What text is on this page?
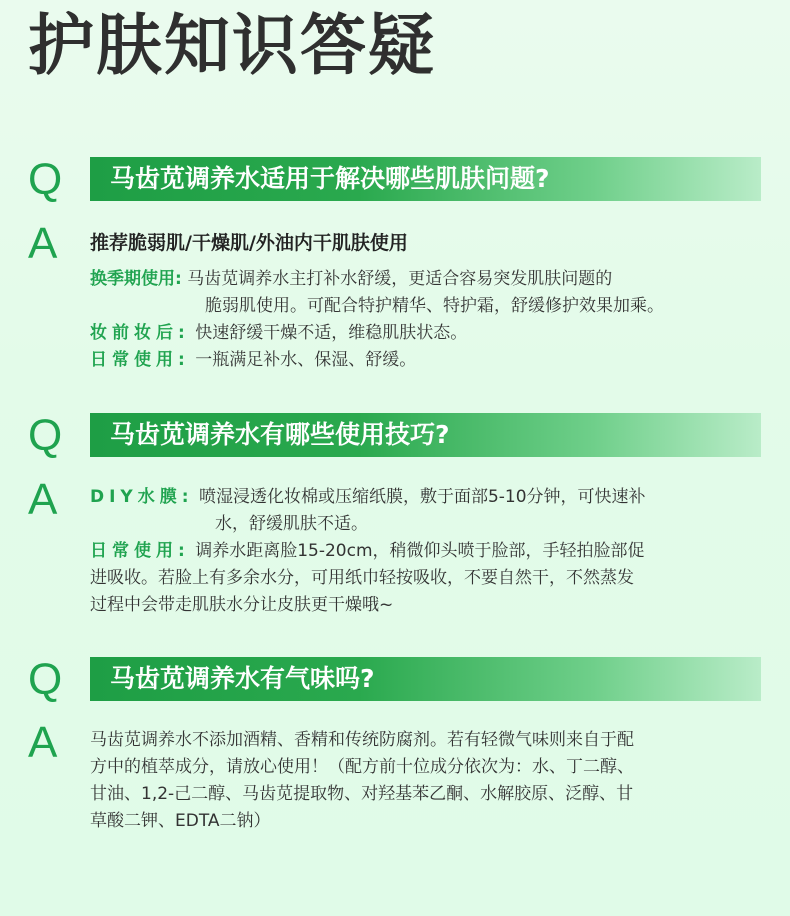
护肤知识答疑
Q	马齿苋调养水适用于解决哪些肌肤问题?
A 推荐脆弱肌/干燥肌/外油内干肌肤使用
换季期使用: 马齿苋调养水主打补水舒缓，更适合容易突发肌肤问题的
脆弱肌使用。可配合特护精华、特护霜，舒缓修护效果加乘。
妆前妆后: 快速舒缓干燥不适，维稳肌肤状态。
日常使用: 一瓶满足补水、保湿、舒缓。
Q	马齿苋调养水有哪些使用技巧?
A DIY水膜: 喷湿浸透化妆棉或压缩纸膜，敷于面部5-10分钟，可快速补
水，舒缓肌肤不适。
日常使用: 调养水距离脸15-20cm，稍微仰头喷于脸部，手轻拍脸部促
进吸收。若脸上有多余水分，可用纸巾轻按吸收，不要自然干，不然蒸发
过程中会带走肌肤水分让皮肤更干燥哦~
Q	马齿苋调养水有气味吗?
A 马齿苋调养水不添加酒精、香精和传统防腐剂。若有轻微气味则来自于配
方中的植萃成分，请放心使用！（配方前十位成分依次为：水、丁二醇、
甘油、1,2-己二醇、马齿苋提取物、对羟基苯乙酮、水解胶原、泛醇、甘
草酸二钾、EDTA二钠）
